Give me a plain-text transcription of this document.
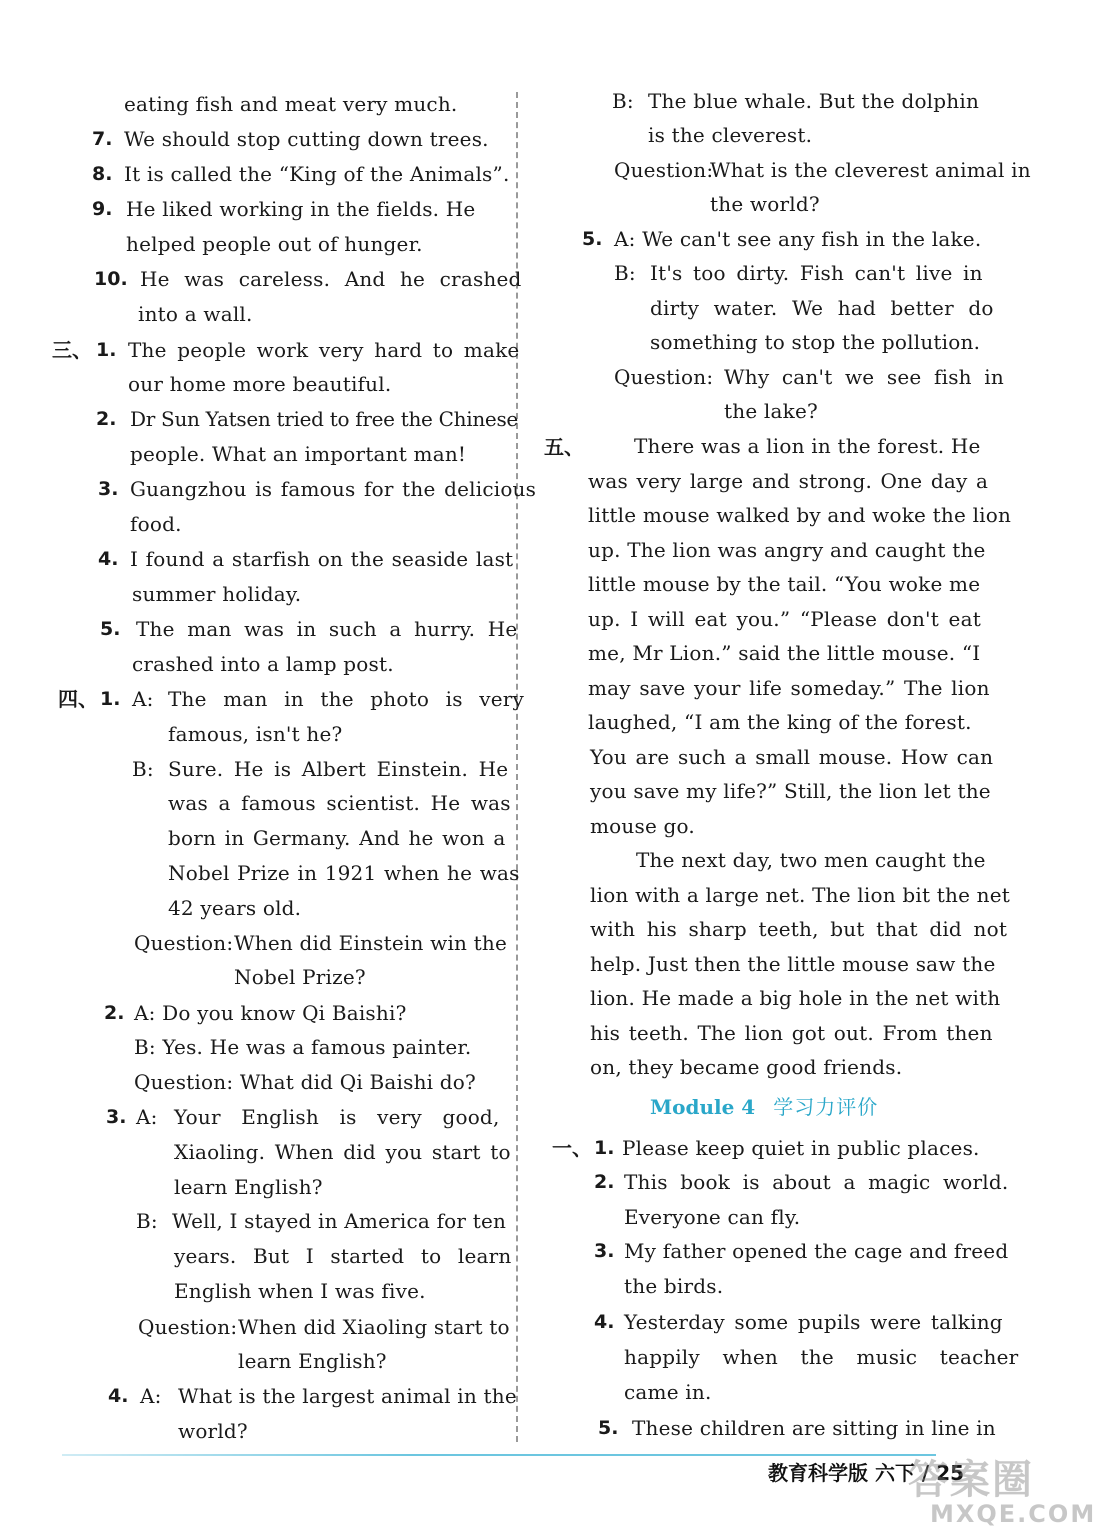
eating fish and meat very much.
7. We should stop cutting down trees.
8. It is called the “King of the Animals”.
9. He liked working in the fields. He
helped people out of hunger.
10. He was careless. And he crashed
into a wall.
三、 1. The people work very hard to make
our home more beautiful.
2. Dr Sun Yatsen tried to free the Chinese
people. What an important man!
3. Guangzhou is famous for the delicious
food.
4. I found a starfish on the seaside last
summer holiday.
5. The man was in such a hurry. He
crashed into a lamp post.
四、 1. A: The man in the photo is very
famous, isn't he?
B: Sure. He is Albert Einstein. He
was a famous scientist. He was
born in Germany. And he won a
Nobel Prize in 1921 when he was
42 years old.
Question: When did Einstein win the
Nobel Prize?
2. A: Do you know Qi Baishi?
B: Yes. He was a famous painter.
Question: What did Qi Baishi do?
3. A: Your English is very good,
Xiaoling. When did you start to
learn English?
B: Well, I stayed in America for ten
years. But I started to learn
English when I was five.
Question: When did Xiaoling start to
learn English?
4. A: What is the largest animal in the
world?
B: The blue whale. But the dolphin
is the cleverest.
Question:
What is the cleverest animal in
the world?
5. A: We can't see any fish in the lake.
B: It's too dirty. Fish can't live in
dirty water. We had better do
something to stop the pollution.
Question: Why can't we see fish in
the lake?
五、	There was a lion in the forest. He
was very large and strong. One day a
little mouse walked by and woke the lion
up. The lion was angry and caught the
little mouse by the tail. “You woke me
up. I will eat you.” “Please don't eat
me, Mr Lion.” said the little mouse. “I
may save your life someday.” The lion
laughed, “I am the king of the forest.
You are such a small mouse. How can
you save my life?” Still, the lion let the
mouse go.
The next day, two men caught the
lion with a large net. The lion bit the net
with his sharp teeth, but that did not
help. Just then the little mouse saw the
lion. He made a big hole in the net with
his teeth. The lion got out. From then
on, they became good friends.
Module 4 学习力评价
一、 1. Please keep quiet in public places.
2. This book is about a magic world.
Everyone can fly.
3. My father opened the cage and freed
the birds.
4. Yesterday some pupils were talking
happily when the music teacher
came in.
5. These children are sitting in line in
教育科学版 六下 / 25
答案圈
MXQE.COM
